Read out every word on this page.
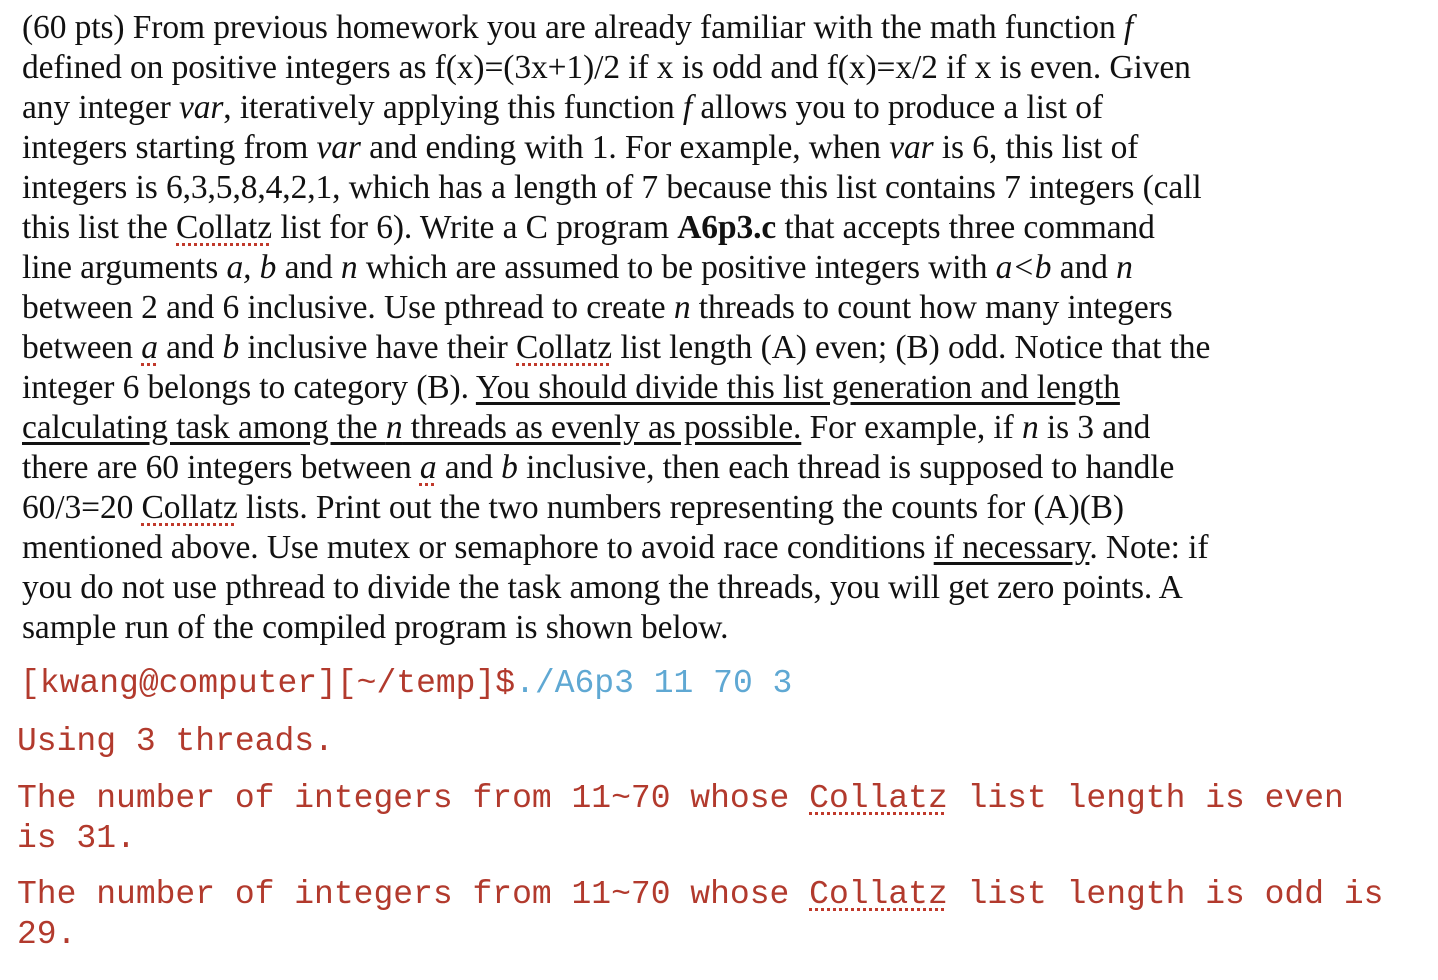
(60 pts) From previous homework you are already familiar with the math function f

defined on positive integers as f(x)=(3x+1)/2 if x is odd and f(x)=x/2 if x is even. Given

any integer var, iteratively applying this function f allows you to produce a list of

integers starting from var and ending with 1. For example, when var is 6, this list of

integers is 6,3,5,8,4,2,1, which has a length of 7 because this list contains 7 integers (call

this list the Collatz list for 6). Write a C program A6p3.c that accepts three command

line arguments a, b and n which are assumed to be positive integers with a<b and n

between 2 and 6 inclusive. Use pthread to create n threads to count how many integers

between a and b inclusive have their Collatz list length (A) even; (B) odd. Notice that the

integer 6 belongs to category (B). You should divide this list generation and length

calculating task among the n threads as evenly as possible. For example, if n is 3 and

there are 60 integers between a and b inclusive, then each thread is supposed to handle

60/3=20 Collatz lists. Print out the two numbers representing the counts for (A)(B)

mentioned above. Use mutex or semaphore to avoid race conditions if necessary. Note: if

you do not use pthread to divide the task among the threads, you will get zero points. A

sample run of the compiled program is shown below.

[kwang@computer][~/temp]$./A6p3 11 70 3
Using 3 threads.
The number of integers from 11~70 whose Collatz list length is even is 31.
The number of integers from 11~70 whose Collatz list length is odd is 29.
